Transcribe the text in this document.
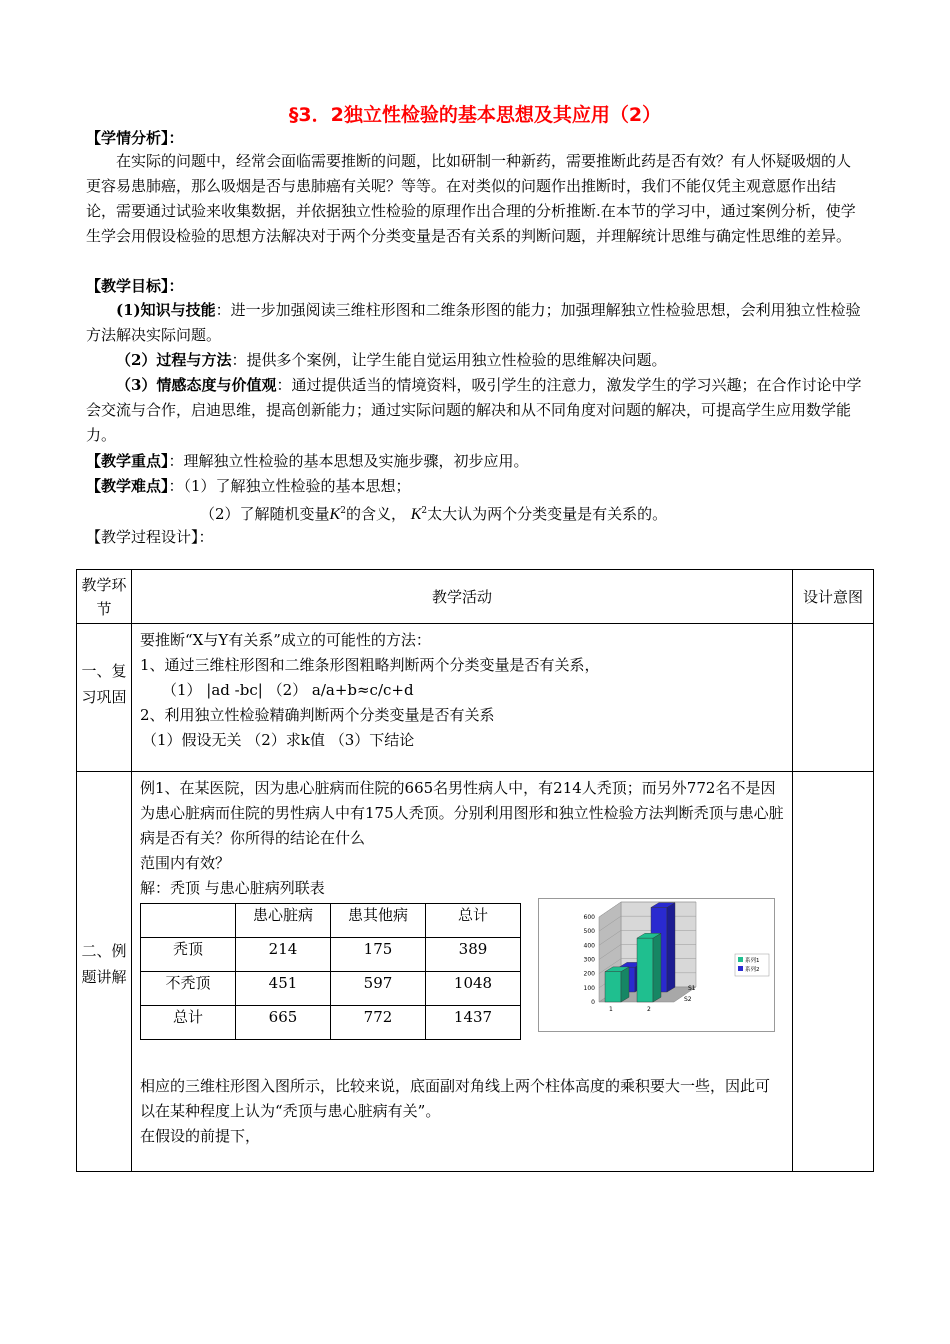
§3．2独立性检验的基本思想及其应用（2）
【学情分析】：
在实际的问题中，经常会面临需要推断的问题，比如研制一种新药，需要推断此药是否有效？有人怀疑吸烟的人更容易患肺癌，那么吸烟是否与患肺癌有关呢？等等。在对类似的问题作出推断时，我们不能仅凭主观意愿作出结论，需要通过试验来收集数据，并依据独立性检验的原理作出合理的分析推断.在本节的学习中，通过案例分析，使学生学会用假设检验的思想方法解决对于两个分类变量是否有关系的判断问题，并理解统计思维与确定性思维的差异。
【教学目标】：
(1)知识与技能：进一步加强阅读三维柱形图和二维条形图的能力；加强理解独立性检验思想，会利用独立性检验方法解决实际问题。
（2）过程与方法：提供多个案例，让学生能自觉运用独立性检验的思维解决问题。
（3）情感态度与价值观：通过提供适当的情境资料，吸引学生的注意力，激发学生的学习兴趣；在合作讨论中学会交流与合作，启迪思维，提高创新能力；通过实际问题的解决和从不同角度对问题的解决，可提高学生应用数学能力。
【教学重点】：理解独立性检验的基本思想及实施步骤，初步应用。
【教学难点】：（1）了解独立性检验的基本思想；
（2）了解随机变量$K^2$的含义， $K^2$太大认为两个分类变量是有关系的。
【教学过程设计】：
教学环节	教学活动	设计意图

一、复习巩固

要推断“X与Y有关系”成立的可能性的方法：
1、通过三维柱形图和二维条形图粗略判断两个分类变量是否有关系，
（1） |ad -bc| （2） a/a+b≈c/c+d
2、利用独立性检验精确判断两个分类变量是否有关系
（1）假设无关 （2）求k值 （3）下结论

二、例题讲解

例1、在某医院，因为患心脏病而住院的665名男性病人中，有214人秃顶；而另外772名不是因为患心脏病而住院的男性病人中有175人秃顶。分别利用图形和独立性检验方法判断秃顶与患心脏病是否有关？你所得的结论在什么
范围内有效？
解：秃顶 与患心脏病列联表
	患心脏病	患其他病	总计
秃顶	214	175	389
不秃顶	451	597	1048
总计	665	772	1437
相应的三维柱形图入图所示，比较来说，底面副对角线上两个柱体高度的乘积要大一些，因此可以在某种程度上认为“秃顶与患心脏病有关”。
在假设的前提下，

0
100
200
300
400
500
600
1	2
S1
S2
系列1
系列2
